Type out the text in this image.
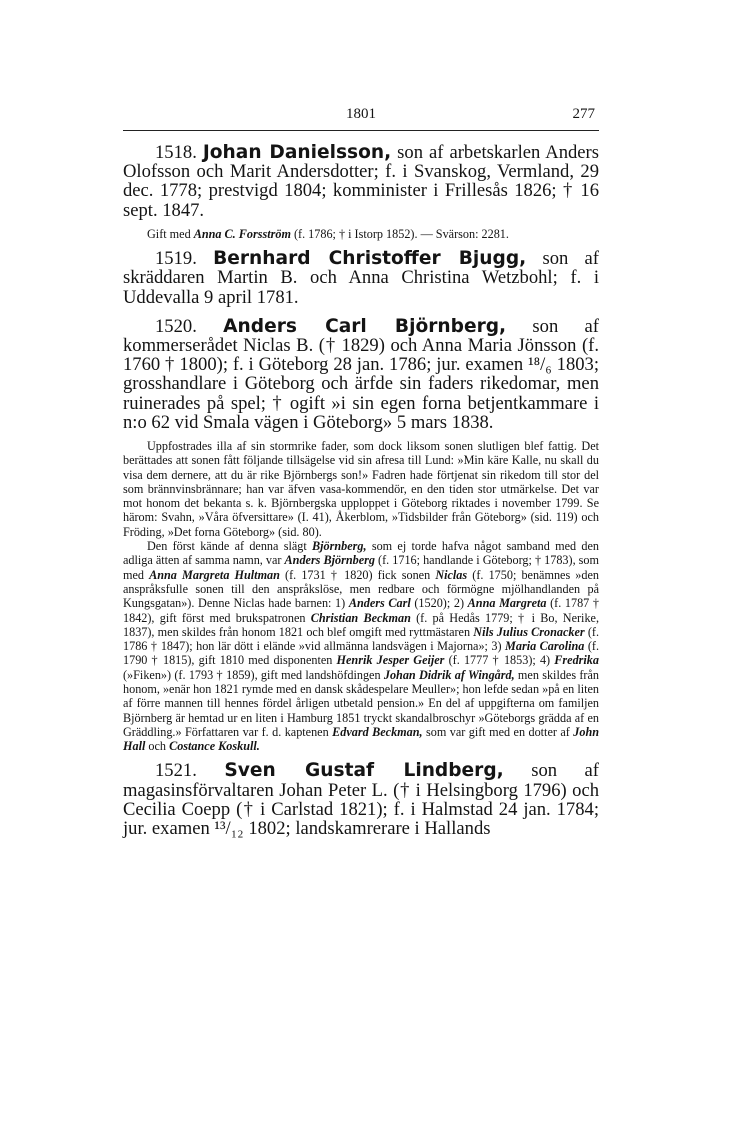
1801	277

1518. Johan Danielsson, son af arbetskarlen Anders Olofsson och Marit Andersdotter; f. i Svanskog, Vermland, 29 dec. 1778; prestvigd 1804; komminister i Frillesås 1826; † 16 sept. 1847.

Gift med Anna C. Forsström (f. 1786; † i Istorp 1852). — Svärson: 2281.

1519. Bernhard Christoffer Bjugg, son af skräddaren Martin B. och Anna Christina Wetzbohl; f. i Uddevalla 9 april 1781.

1520. Anders Carl Björnberg, son af kommerserådet Niclas B. († 1829) och Anna Maria Jönsson (f. 1760 † 1800); f. i Göteborg 28 jan. 1786; jur. examen ¹⁸/₆ 1803; grosshandlare i Göteborg och ärfde sin faders rikedomar, men ruinerades på spel; † ogift »i sin egen forna betjentkammare i n:o 62 vid Smala vägen i Göteborg» 5 mars 1838.

Uppfostrades illa af sin stormrike fader, som dock liksom sonen slutligen blef fattig. Det berättades att sonen fått följande tillsägelse vid sin afresa till Lund: »Min käre Kalle, nu skall du visa dem dernere, att du är rike Björnbergs son!» Fadren hade förtjenat sin rikedom till stor del som brännvinsbrännare; han var äfven vasa-kommendör, en den tiden stor utmärkelse. Det var mot honom det bekanta s. k. Björnbergska upploppet i Göteborg riktades i november 1799. Se härom: Svahn, »Våra öfversittare» (I. 41), Åkerblom, »Tidsbilder från Göteborg» (sid. 119) och Fröding, »Det forna Göteborg» (sid. 80).

Den först kände af denna slägt Björnberg, som ej torde hafva något samband med den adliga ätten af samma namn, var Anders Björnberg (f. 1716; handlande i Göteborg; † 1783), som med Anna Margreta Hultman (f. 1731 † 1820) fick sonen Niclas (f. 1750; benämnes »den anspråksfulle sonen till den anspråkslöse, men redbare och förmögne mjölhandlanden på Kungsgatan»). Denne Niclas hade barnen: 1) Anders Carl (1520); 2) Anna Margreta (f. 1787 † 1842), gift först med brukspatronen Christian Beckman (f. på Hedås 1779; † i Bo, Nerike, 1837), men skildes från honom 1821 och blef omgift med ryttmästaren Nils Julius Cronacker (f. 1786 † 1847); hon lär dött i elände »vid allmänna landsvägen i Majorna»; 3) Maria Carolina (f. 1790 † 1815), gift 1810 med disponenten Henrik Jesper Geijer (f. 1777 † 1853); 4) Fredrika (»Fiken») (f. 1793 † 1859), gift med landshöfdingen Johan Didrik af Wingård, men skildes från honom, »enär hon 1821 rymde med en dansk skådespelare Meuller»; hon lefde sedan »på en liten af förre mannen till hennes fördel årligen utbetald pension.» En del af uppgifterna om familjen Björnberg är hemtad ur en liten i Hamburg 1851 tryckt skandalbroschyr »Göteborgs grädda af en Gräddling.» Författaren var f. d. kaptenen Edvard Beckman, som var gift med en dotter af John Hall och Costance Koskull.

1521. Sven Gustaf Lindberg, son af magasinsförvaltaren Johan Peter L. († i Helsingborg 1796) och Cecilia Coepp († i Carlstad 1821); f. i Halmstad 24 jan. 1784; jur. examen ¹³/₁₂ 1802; landskamrerare i Hallands
